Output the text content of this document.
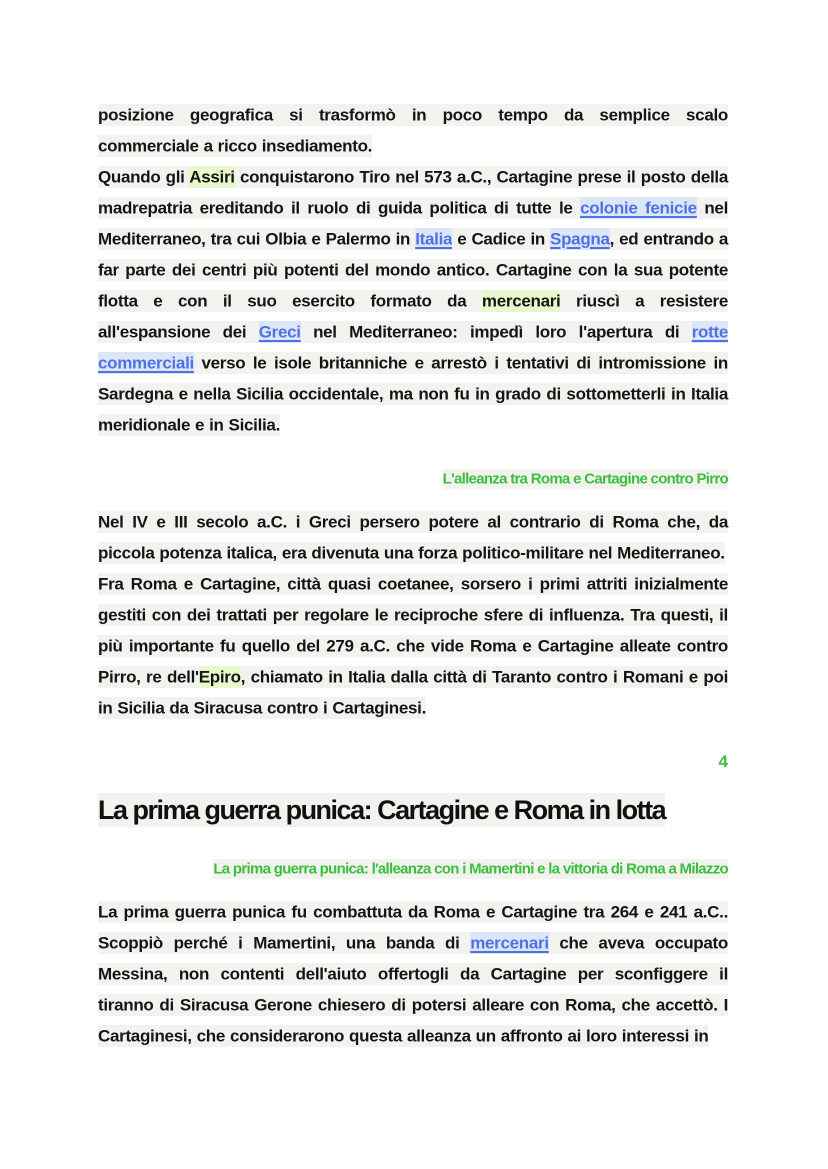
posizione geografica si trasformò in poco tempo da semplice scalo commerciale a ricco insediamento.

Quando gli Assiri conquistarono Tiro nel 573 a.C., Cartagine prese il posto della madrepatria ereditando il ruolo di guida politica di tutte le colonie fenicie nel Mediterraneo, tra cui Olbia e Palermo in Italia e Cadice in Spagna, ed entrando a far parte dei centri più potenti del mondo antico. Cartagine con la sua potente flotta e con il suo esercito formato da mercenari riuscì a resistere all'espansione dei Greci nel Mediterraneo: impedì loro l'apertura di rotte commerciali verso le isole britanniche e arrestò i tentativi di intromissione in Sardegna e nella Sicilia occidentale, ma non fu in grado di sottometterli in Italia meridionale e in Sicilia.

L'alleanza tra Roma e Cartagine contro Pirro

Nel IV e III secolo a.C. i Greci persero potere al contrario di Roma che, da piccola potenza italica, era divenuta una forza politico-militare nel Mediterraneo.

Fra Roma e Cartagine, città quasi coetanee, sorsero i primi attriti inizialmente gestiti con dei trattati per regolare le reciproche sfere di influenza. Tra questi, il più importante fu quello del 279 a.C. che vide Roma e Cartagine alleate contro Pirro, re dell'Epiro, chiamato in Italia dalla città di Taranto contro i Romani e poi in Sicilia da Siracusa contro i Cartaginesi.

4
La prima guerra punica: Cartagine e Roma in lotta
La prima guerra punica: l'alleanza con i Mamertini e la vittoria di Roma a Milazzo

La prima guerra punica fu combattuta da Roma e Cartagine tra 264 e 241 a.C.. Scoppiò perché i Mamertini, una banda di mercenari che aveva occupato Messina, non contenti dell'aiuto offertogli da Cartagine per sconfiggere il tiranno di Siracusa Gerone chiesero di potersi alleare con Roma, che accettò. I Cartaginesi, che considerarono questa alleanza un affronto ai loro interessi in
